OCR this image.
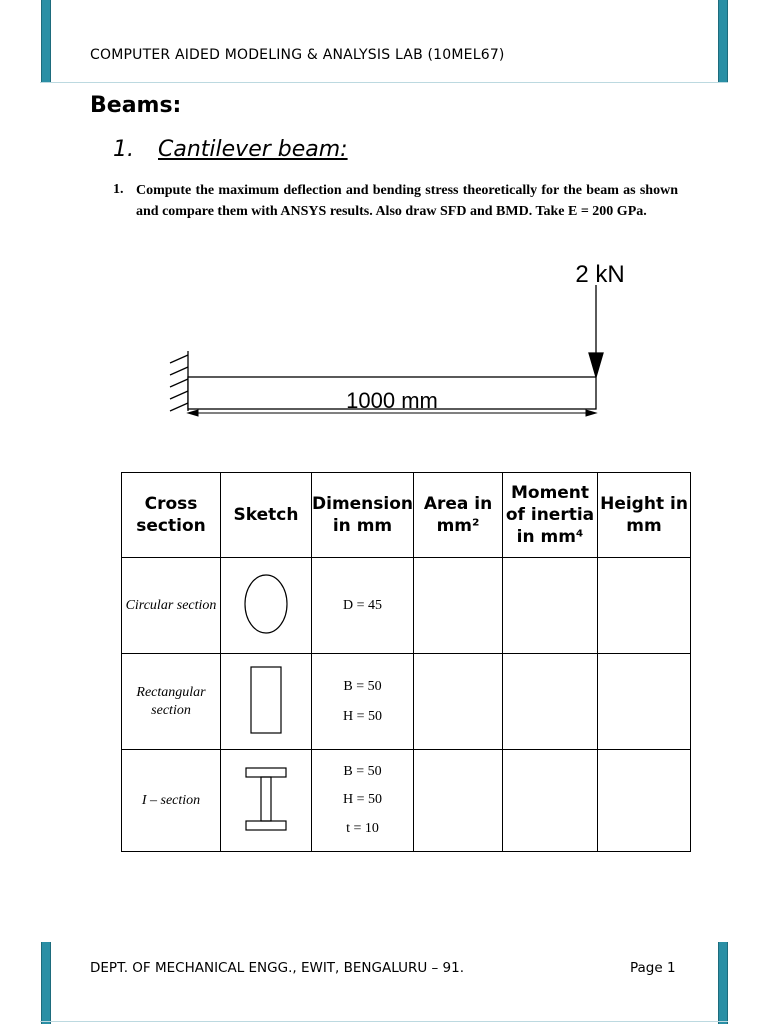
COMPUTER AIDED MODELING & ANALYSIS LAB (10MEL67)
Beams:
1. Cantilever beam:
1. Compute the maximum deflection and bending stress theoretically for the beam as shown and compare them with ANSYS results. Also draw SFD and BMD. Take E = 200 GPa.
1000 mm
2 kN
Cross section	Sketch	Dimension in mm	Area in mm²	Moment of inertia in mm⁴	Height in mm
Circular section		D = 45			
Rectangular section		B = 50
H = 50			

I – section		B = 50
H = 50
t = 10			

DEPT. OF MECHANICAL ENGG., EWIT, BENGALURU – 91.	Page 1
